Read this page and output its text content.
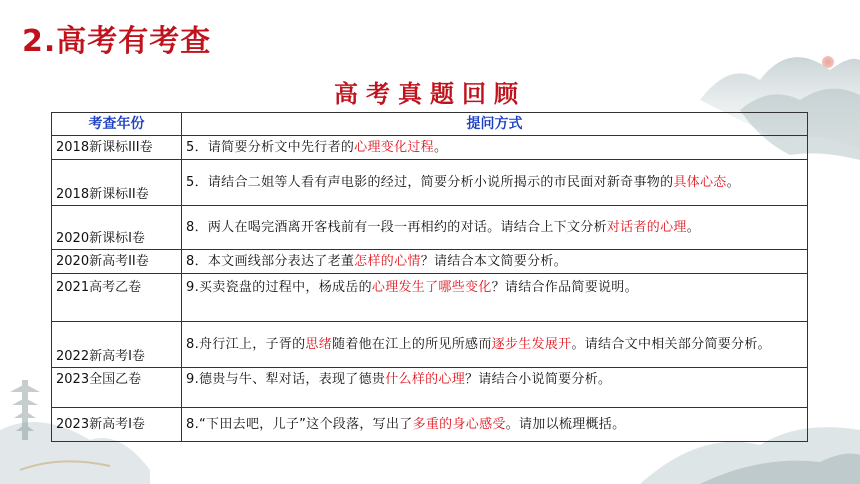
2.高考有考查
高考真题回顾
考查年份	提问方式
2018新课标III卷	5．请简要分析文中先行者的心理变化过程。
2018新课标II卷	5．请结合二姐等人看有声电影的经过，简要分析小说所揭示的市民面对新奇事物的具体心态。
2020新课标I卷	8．两人在喝完酒离开客栈前有一段一再相约的对话。请结合上下文分析对话者的心理。
2020新高考II卷	8．本文画线部分表达了老董怎样的心情？请结合本文简要分析。
2021高考乙卷	9.买卖瓷盘的过程中，杨成岳的心理发生了哪些变化？请结合作品简要说明。
2022新高考I卷	8.舟行江上，子胥的思绪随着他在江上的所见所感而逐步生发展开。请结合文中相关部分简要分析。
2023全国乙卷	9.德贵与牛、犁对话，表现了德贵什么样的心理？请结合小说简要分析。
2023新高考I卷	8.“下田去吧，儿子”这个段落，写出了多重的身心感受。请加以梳理概括。
